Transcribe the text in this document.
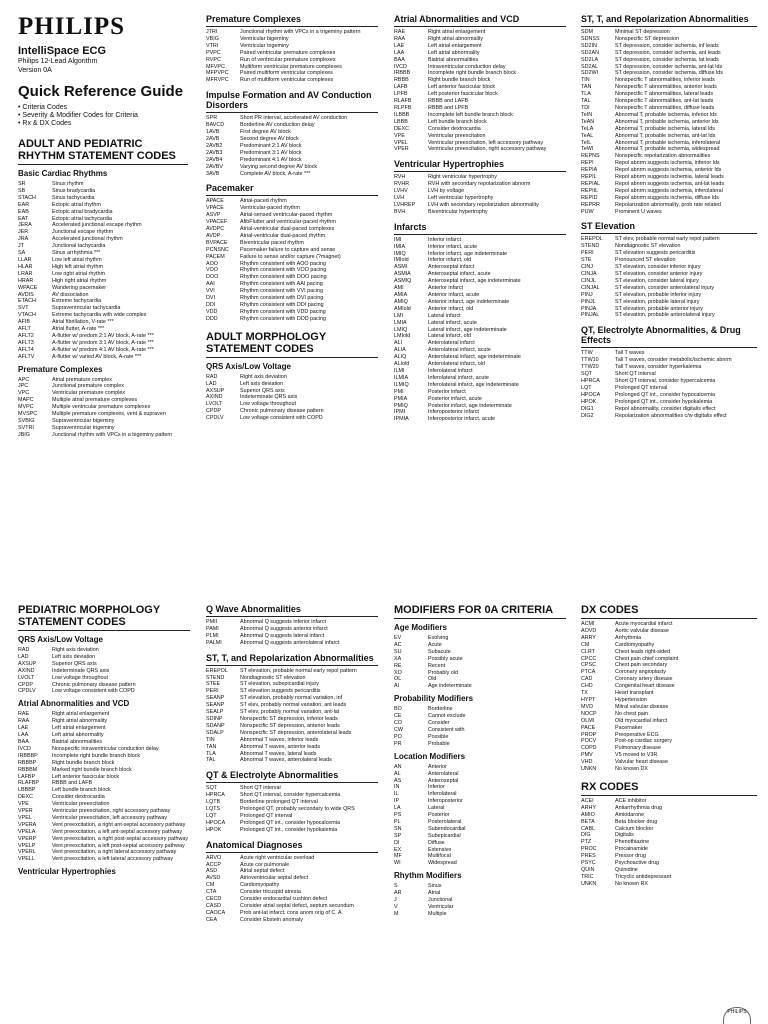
PHILIPS
IntelliSpace ECG
Philips 12-Lead Algorithm
Version 0A
Quick Reference Guide
• Criteria Codes
• Severity & Modifier Codes for Criteria
• Rx & DX Codes
ADULT AND PEDIATRIC RHYTHM STATEMENT CODES
Basic Cardiac Rhythms
SR	Sinus rhythm
SB	Sinus bradycardia
STACH	Sinus tachycardia
EAR	Ectopic atrial rhythm
EAB	Ectopic atrial bradycardia
EAT	Ectopic atrial tachycardia
JERA	Accelerated junctional escape rhythm
JER	Junctional escape rhythm
JRA	Accelerated junctional rhythm
JT	Junctional tachycardia
SA	Sinus arrhythmia ***
LLAR	Low left atrial rhythm
HLAR	High left atrial rhythm
LRAR	Low right atrial rhythm
HRAR	High right atrial rhythm
WPACE	Wandering pacemaker
AVDIS	AV dissociation
ETACH	Extreme tachycardia
SVT	Supraventricular tachycardia
VTACH	Extreme tachycardia with wide complex
AFIB	Atrial fibrillation, V-rate ***
AFLT	Atrial flutter, A-rate ***
AFLT2	A-flutter w/ predom 2:1 AV block, A-rate ***
AFLT3	A-flutter w/ predom 3:1 AV block, A-rate ***
AFLT4	A-flutter w/ predom 4:1 AV block, A-rate ***
AFLTV	A-flutter w/ varied AV block, A-rate ***
Premature Complexes
APC	Atrial premature complex
JPC	Junctional premature complex
VPC	Ventricular premature complex
MAPC	Multiple atrial premature complexes
MVPC	Multiple ventricular premature complexes
MVSPC	Multiple premature complexes, vent & supraven
SVBIG	Supraventricular bigeminy
SVTRI	Supraventricular trigeminy
JBIG	Junctional rhythm with VPCs in a bigeminy pattern
Premature Complexes
JTRI	Junctional rhythm with VPCs in a trigeminy pattern
VBIG	Ventricular bigeminy
VTRI	Ventricular trigeminy
PVPC	Paired ventricular premature complexes
RVPC	Run of ventricular premature complexes
MFVPC	Multiform ventricular premature complexes
MFPVPC	Paired multiform ventricular complexes
MFRVPC	Run of multiform ventricular complexes
Impulse Formation and AV Conduction Disorders
SPR	Short PR interval, accelerated AV conduction
BAVCD	Borderline AV conduction delay
1AVB	First degree AV block
2AVB	Second degree AV block
2AVB2	Predominant 2:1 AV block
2AVB3	Predominant 3:1 AV block
2AVB4	Predominant 4:1 AV block
2AVBV	Varying second degree AV block
3AVB	Complete AV block, A-rate ***
Pacemaker
APACE	Atrial-paced rhythm
VPACE	Ventricular-paced rhythm
ASVP	Atrial-sensed ventricular-paced rhythm
VPACEF	AfibFlutter and ventricular-paced rhythm
AVDPC	Atrial-ventricular dual-paced complexes
AVDP	Atrial-ventricular dual-paced rhythm
BVPACE	Biventricular paced rhythm
PCNSNC	Pacemaker failure to capture and sense
PACEM	Failure to sense and/or capture (?magnet)
AOO	Rhythm consistent with AOO pacing
VOO	Rhythm consistent with VOO pacing
DOO	Rhythm consistent with DOO pacing
AAI	Rhythm consistent with AAI pacing
VVI	Rhythm consistent with VVI pacing
DVI	Rhythm consistent with DVI pacing
DDI	Rhythm consistent with DDI pacing
VDD	Rhythm consistent with VDD pacing
DDD	Rhythm consistent with DDD pacing
ADULT MORPHOLOGY STATEMENT CODES
QRS Axis/Low Voltage
RAD	Right axis deviation
LAD	Left axis deviation
AXSUP	Superior QRS axis
AXIND	Indeterminate QRS axis
LVOLT	Low voltage throughout
CPDP	Chronic pulmonary disease pattern
CPDLV	Low voltage consistent with COPD
Atrial Abnormalities and VCD
RAE	Right atrial enlargement
RAA	Right atrial abnormality
LAE	Left atrial enlargement
LAA	Left atrial abnormality
BAA	Biatrial abnormalities
IVCD	Intraventricular conduction delay
IRBBB	Incomplete right bundle branch block
RBBB	Right bundle branch block
LAFB	Left anterior fascicular block
LPFB	Left posterior fascicular block
RLAFB	RBBB and LAFB
RLPFB	RBBB and LPFB
ILBBB	Incomplete left bundle branch block
LBBB	Left bundle branch block
DEXC	Consider dextrocardia
VPE	Ventricular preexcitation
VPEL	Ventricular preexcitation, left accessory pathway
VPER	Ventricular preexcitation, right accessory pathway
Ventricular Hypertrophies
RVH	Right ventricular hypertrophy
RVHR	RVH with secondary repolarization abnorm
LVHV	LVH by voltage
LVH	Left ventricular hypertrophy
LVHREP	LVH with secondary repolarization abnormality
BVH	Biventricular hypertrophy
Infarcts
IMI	Inferior infarct
IMIA	Inferior infarct, acute
IMIQ	Inferior infarct, age indeterminate
IMIold	Inferior infarct, old
ASMI	Anteroseptal infarct
ASMIA	Anteroseptal infarct, acute
ASMIQ	Anteroseptal infarct, age indeterminate
AMI	Anterior infarct
AMIA	Anterior infarct, acute
AMIQ	Anterior infarct, age indeterminate
AMIold	Anterior infarct, old
LMI	Lateral infarct
LMIA	Lateral infarct, acute
LMIQ	Lateral infarct, age indeterminate
LMIold	Lateral infarct, old
ALI	Anterolateral infarct
ALIA	Anterolateral infarct, acute
ALIQ	Anterolateral infarct, age indeterminate
ALIold	Anterolateral infarct, old
ILMI	Inferolateral infarct
ILMIA	Inferolateral infarct, acute
ILMIQ	Inferolateral infarct, age indeterminate
PMI	Posterior infarct
PMIA	Posterior infarct, acute
PMIQ	Posterior infarct, age indeterminate
IPMI	Inferoposterior infarct
IPMIA	Inferoposterior infarct, acute
ST, T, and Repolarization Abnormalities
SDM	Minimal ST depression
SDNSS	Nonspecific ST depression
SD2IN	ST depression, consider ischemia, inf leads
SD2AN	ST depression, consider ischemia, ant leads
SD2LA	ST depression, consider ischemia, lat leads
SD2AL	ST depression, consider ischemia, ant-lat lds
SD2WI	ST depression, consider ischemia, diffuse lds
TIN	Nonspecific T abnormalities, inferior leads
TAN	Nonspecific T abnormalities, anterior leads
TLA	Nonspecific T abnormalities, lateral leads
TAL	Nonspecific T abnormalities, ant-lat leads
TDI	Nonspecific T abnormalities, diffuse leads
TeIN	Abnormal T, probable ischemia, inferior lds
TeAN	Abnormal T, probable ischemia, anterior lds
TeLA	Abnormal T, probable ischemia, lateral lds
TeAL	Abnormal T, probable ischemia, ant-lat lds
TeIL	Abnormal T, probable ischemia, inferolateral
TeWI	Abnormal T, probable ischemia, widespread
REPNS	Nonspecific repolarization abnormalities
REPI	Repol abnrm suggests ischemia, inferior lds
REPIA	Repol abnrm suggests ischemia, anterior lds
REPIL	Repol abnrm suggests ischemia, lateral leads
REPIAL	Repol abnrm suggests ischemia, ant-lat leads
REPIIL	Repol abnrm suggests ischemia, inferolateral
REPID	Repol abnrm suggests ischemia, diffuse lds
REPRR	Repolarization abnormality, prob rate related
PUW	Prominent U waves
ST Elevation
EREPOL	ST elev, probable normal early repol pattern
STEND	Nondiagnostic ST elevation
PERI	ST elevation suggests pericarditis
STE	Pronounced ST elevation
CINJ	ST elevation, consider inferior injury
CINJA	ST elevation, consider anterior injury
CINJL	ST elevation, consider lateral injury
CINJAL	ST elevation, consider anterolateral injury
PINJ	ST elevation, probable inferior injury
PINJL	ST elevation, probable lateral injury
PINJA	ST elevation, probable anterior injury
PINJAL	ST elevation, probable anterolateral injury
QT, Electrolyte Abnormalities, & Drug Effects
TTW	Tall T waves
TTW10	Tall T waves, consider metabolic/ischemic abnrm
TTW20	Tall T waves, consider hyperkalemia
SQT	Short QT interval
HPRCA	Short QT interval, consider hypercalcemia
LQT	Prolonged QT interval
HPOCA	Prolonged QT int., consider hypocalcemia
HPOK	Prolonged QT int., consider hypokalemia
DIG1	Repol abnormality, consider digitalis effect
DIG2	Repolarization abnormalities c/w digitalis effect
PEDIATRIC MORPHOLOGY STATEMENT CODES
QRS Axis/Low Voltage
RAD	Right axis deviation
LAD	Left axis deviation
AXSUP	Superior QRS axis
AXIND	Indeterminate QRS axis
LVOLT	Low voltage throughout
CPDP	Chronic pulmonary disease pattern
CPDLV	Low voltage consistent with COPD
Atrial Abnormalities and VCD
RAE	Right atrial enlargement
RAA	Right atrial abnormality
LAE	Left atrial enlargement
LAA	Left atrial abnormality
BAA	Biatrial abnormalities
IVCD	Nonspecific intraventricular conduction delay
IRBBBP	Incomplete right bundle branch block
RBBBP	Right bundle branch block
RBBBM	Marked right bundle branch block
LAFBP	Left anterior fascicular block
RLAFBP	RBBB and LAFB
LBBBP	Left bundle branch block
DEXC	Consider dextrocardia
VPE	Ventricular preexcitation
VPER	Ventricular preexcitation, right accessory pathway
VPEL	Ventricular preexcitation, left accessory pathway
VPERA	Vent preexcitation, a right ant-septal accessory pathway
VPELA	Vent preexcitation, a left ant-septal accessory pathway
VPERP	Vent preexcitation, a right post-septal accessory pathway
VPELP	Vent preexcitation, a left post-septal accessory pathway
VPERL	Vent preexcitation, a right lateral accessory pathway
VPELL	Vent preexcitation, a left lateral accessory pathway
Ventricular Hypertrophies
Q Wave Abnormalities
PMII	Abnormal Q suggests inferior infarct
PAMI	Abnormal Q suggests anterior infarct
PLMI	Abnormal Q suggests lateral infarct
PALMI	Abnormal Q suggests anterolateral infarct
ST, T, and Repolarization Abnormalities
EREPOL	ST elevation, probable normal early repol pattern
STEND	Nondiagnostic ST elevation
STEE	ST elevation, subepicardial injury
PERI	ST elevation suggests pericarditis
SEANP	ST elevation, probably normal variation, inf
SEANP	ST elev, probably normal variation, ant leads
SEALP	ST elev, probably normal variation, ant-lat
SDINP	Nonspecific ST depression, inferior leads
SDANP	Nonspecific ST depression, anterior leads
SDALP	Nonspecific ST depression, anterolateral leads
TIN	Abnormal T waves, inferior leads
TAN	Abnormal T waves, anterior leads
TLA	Abnormal T waves, lateral leads
TAL	Abnormal T waves, anterolateral leads
QT & Electrolyte Abnormalities
SQT	Short QT interval
HPRCA	Short QT interval, consider hypercalcemia
LQTB	Borderline prolonged QT interval
LQTS	Prolonged QT, probably secondary to wide QRS
LQT	Prolonged QT interval
HPOCA	Prolonged QT int., consider hypocalcemia
HPOK	Prolonged QT int., consider hypokalemia
Anatomical Diagnoses
ARVO	Acute right ventricular overload
ACCP	Acute cor pulmonale
ASD	Atrial septal defect
AVSD	Atrioventricular septal defect
CM	Cardiomyopathy
CTA	Consider tricuspid atresia
CECD	Consider endocardial cushion defect
CASD	Consider atrial septal defect, septum secundum
CAOCA	Prob ant-lat infarct, cons anom orig of C. A.
CEA	Consider Ebstein anomaly
MODIFIERS FOR 0A CRITERIA
Age Modifiers
EV	Evolving
AC	Acute
SU	Subacute
XA	Possibly acute
RE	Recent
XO	Probably old
OL	Old
AI	Age indeterminate
Probability Modifiers
BO	Borderline
CE	Cannot exclude
CO	Consider
CW	Consistent with
PO	Possible
PR	Probable
Location Modifiers
AN	Anterior
AL	Anterolateral
AS	Anteroseptal
IN	Inferior
IL	Inferolateral
IP	Inferoposterior
LA	Lateral
PS	Posterior
PL	Posterolateral
SN	Subendocardial
SP	Subepicardial
DI	Diffuse
EX	Extensive
MF	Multifocal
WI	Widespread
Rhythm Modifiers
S	Sinus
AR	Atrial
J	Junctional
V	Ventricular
M	Multiple
DX CODES
ACMI	Acute myocardial infarct
AOVD	Aortic valvular disease
ARRY	Arrhythmia
CM	Cardiomyopathy
CLRT	Chest leads right-sided
CPCC	Chest pain chief complaint
CPSC	Chest pain secondary
PTCA	Coronary angioplasty
CAD	Coronary artery disease
CHD	Congenital heart disease
TX	Heart transplant
HYPT	Hypertension
MVD	Mitral valvular disease
NOCP	No chest pain
OLMI	Old myocardial infarct
PACE	Pacemaker
PROP	Preoperative ECG
POCV	Post-op cardiac surgery
COPD	Pulmonary disease
PMV	V5 moved to V3R
VHD	Valvular heart disease
UNKN	No known DX
RX CODES
ACEI	ACE inhibitor
ARHY	Antiarrhythmia drug
AMIO	Amiodarone
BETA	Beta blocker drug
CABL	Calcium blocker
DIG	Digitalis
PTZ	Phenothiazine
PROC	Procainamide
PRES	Pressor drug
PSYC	Psychoactive drug
QUIN	Quinidine
TRIC	Tricyclic antidepressant
UNKN	No known RX
PHILIPS
